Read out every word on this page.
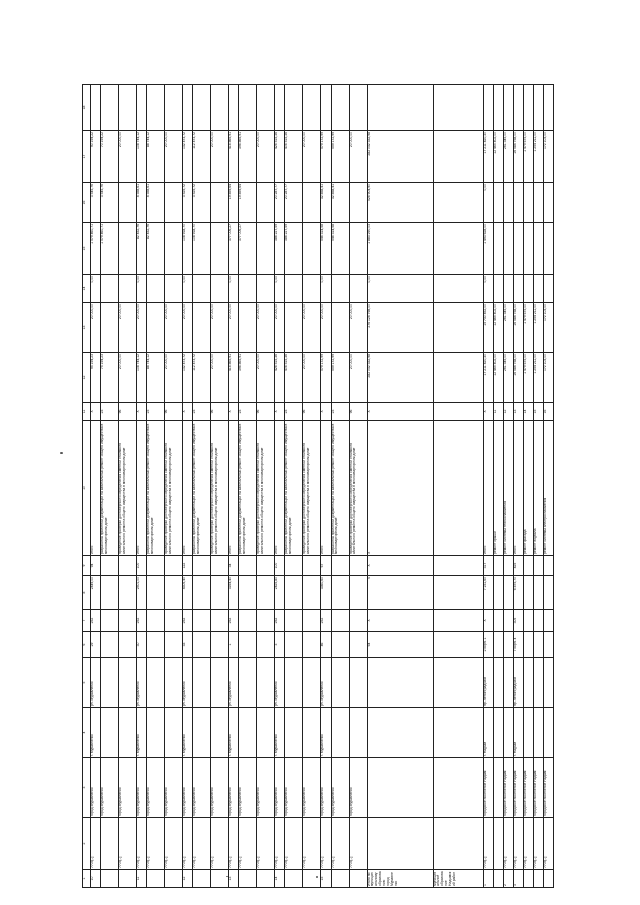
1	2	3	4	5	6	7	8	9	10	11	12	13	14	15	16	17	18
10	7705[..]	город Муравленко	г. Муравленко	ул. Муравленко	29	252	2449,00	94	итого	Х	95 194,23	20 000,00	0,00	1 579 460,71	3 545,76	90 194,22	
		город Муравленко							разработка проектной документации на капитальный ремонт общего имущества в многоквартирном доме	23	75 194,23			1 579 460,71	3 545,76	70 194,22	
	7705[..]	город Муравленко							проведение проверки достоверности определения сметной стоимости капитального ремонта общего имущества в многоквартирном доме	96	20 000,00	20 000,00				20 000,00	
11	7705[..]	город Муравленко	г. Муравленко	ул. Муравленко	30	252	2501,00	100	итого	Х	108 744,12	20 000,00	0,00	82 432,76	4 358,61	108 744,12	
	7705[..]	город Муравленко							разработка проектной документации на капитальный ремонт общего имущества в многоквартирном доме	23	88 744,12			82 432,76	4 358,61	88 744,12	
	7705[..]	город Муравленко							проведение проверки достоверности определения сметной стоимости капитального ремонта общего имущества в многоквартирном доме	96	20 000,00	20 000,00				20 000,00	
12	7705[..]	город Муравленко	г. Муравленко	ул. Муравленко	33	252	4305,40	122	итого	Х	132 473,72	20 000,00	0,00	108 918,70	3 525,72	132 473,72	
	7705[..]	город Муравленко							разработка проектной документации на капитальный ремонт общего имущества в многоквартирном доме	23	112 473,72			108 918,70	3 525,72	112 473,72	
	7705[..]	город Муравленко							проведение проверки достоверности определения сметной стоимости капитального ремонта общего имущества в многоквартирном доме	96	20 000,00	20 000,00				20 000,00	
13	7705[..]	город Муравленко	г. Муравленко	ул. Муравленко	1	252	3164,40	34	итого	Х	416 865,91	20 000,00	0,00	377 006,27	19 859,64	416 865,91	
	7705[..]	город Муравленко							разработка проектной документации на капитальный ремонт общего имущества в многоквартирном доме	23	396 865,91			377 006,27	19 859,64	396 865,91	
	7705[..]	город Муравленко							проведение проверки достоверности определения сметной стоимости капитального ремонта общего имущества в многоквартирном доме	96	20 000,00	20 000,00				20 000,00	
14	7705[..]	город Муравленко	г. Муравленко	ул. Муравленко	3	252	2425,80	100	итого	Х	426 515,36	20 000,00	0,00	386 227,59	20 287,77	426 515,36	
	7705[..]	город Муравленко							разработка проектной документации на капитальный ремонт общего имущества в многоквартирном доме	23	406 515,36			386 227,59	20 287,77	406 515,36	
	7705[..]	город Муравленко							проведение проверки достоверности определения сметной стоимости капитального ремонта общего имущества в многоквартирном доме	96	20 000,00	20 000,00				20 000,00	
15	7705[..]	город Муравленко	г. Муравленко	ул. Муравленко	46	252	3360,60	67	итого	Х	579 172,99	20 000,00	0,00	546 314,58	32 858,41	579 172,99	
	7705[..]	город Муравленко							разработка проектной документации на капитальный ремонт общего имущества в многоквартирном доме	23	559 172,99			546 314,58	32 858,41	559 172,99	
	7705[..]	город Муравленко							проведение проверки достоверности определения сметной стоимости капитального ремонта общего имущества в многоквартирном доме	96	20 000,00	20 000,00				20 000,00	
Итого по муниципальному образованию город Муравленко					64	Х	Х	Х	Х	Х	282 032 332,98	276 124 798,00	0,00	1 883 290,03	526 904,90	282 032 332,98	
Муниципальное образование Надымский район																	
1	7705[..]	городское поселение Надым	г. Надым	пр. Ленинградский	2 корп. 1	Х	7 231,60	317	итого	Х	17 211 420,30	15 730 452,00	0,00	1 493 628,00	0,00	17 211 420,30	
									ремонт крыши	11	12 465 402,00	12 465 402,00				12 465 402,00	
2	7705[..]	городское поселение Надым							ремонт системы теплоснабжения	12	261 345,00	261 345,00				261 345,00	
3	7705[..]	городское поселение Надым	г. Надым	пр. Ленинградский	7 корп. 4	305	6 875,70	425	итого	13	16 584 758,00	16 584 758,00				16 584 758,00	
	7705[..]	городское поселение Надым							ремонт фасада	14	1 479 675,00	1 479 675,00				1 479 675,00	
	7705[..]	городское поселение Надым							ремонт подвала	15	1 254 211,00	1 254 211,00				1 254 211,00	
	7705[..]	городское поселение Надым							ремонт системы электроснабжения	16	172 103,00	172 103,00				172 103,00	
